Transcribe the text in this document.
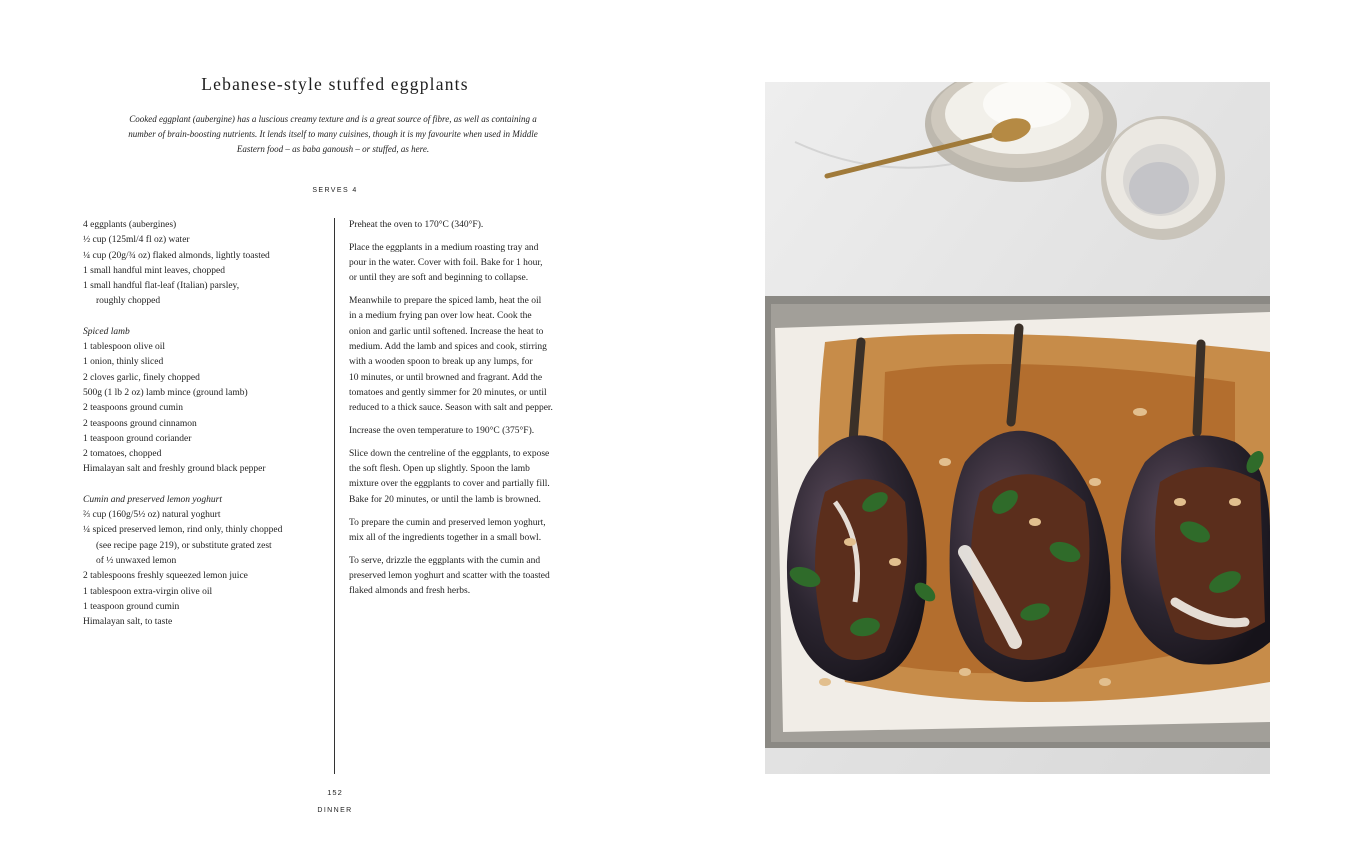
Lebanese-style stuffed eggplants

Cooked eggplant (aubergine) has a luscious creamy texture and is a great source of fibre, as well as containing a number of brain-boosting nutrients. It lends itself to many cuisines, though it is my favourite when used in Middle Eastern food – as baba ganoush – or stuffed, as here.

SERVES 4
4 eggplants (aubergines)
½ cup (125ml/4 fl oz) water
¼ cup (20g/¾ oz) flaked almonds, lightly toasted
1 small handful mint leaves, chopped
1 small handful flat-leaf (Italian) parsley,
roughly chopped
Spiced lamb
1 tablespoon olive oil
1 onion, thinly sliced
2 cloves garlic, finely chopped
500g (1 lb 2 oz) lamb mince (ground lamb)
2 teaspoons ground cumin
2 teaspoons ground cinnamon
1 teaspoon ground coriander
2 tomatoes, chopped
Himalayan salt and freshly ground black pepper
Cumin and preserved lemon yoghurt
⅔ cup (160g/5½ oz) natural yoghurt
¼ spiced preserved lemon, rind only, thinly chopped
(see recipe page 219), or substitute grated zest
of ½ unwaxed lemon
2 tablespoons freshly squeezed lemon juice
1 tablespoon extra-virgin olive oil
1 teaspoon ground cumin
Himalayan salt, to taste

Preheat the oven to 170°C (340°F).

Place the eggplants in a medium roasting tray and
pour in the water. Cover with foil. Bake for 1 hour,
or until they are soft and beginning to collapse.

Meanwhile to prepare the spiced lamb, heat the oil
in a medium frying pan over low heat. Cook the
onion and garlic until softened. Increase the heat to
medium. Add the lamb and spices and cook, stirring
with a wooden spoon to break up any lumps, for
10 minutes, or until browned and fragrant. Add the
tomatoes and gently simmer for 20 minutes, or until
reduced to a thick sauce. Season with salt and pepper.

Increase the oven temperature to 190°C (375°F).

Slice down the centreline of the eggplants, to expose
the soft flesh. Open up slightly. Spoon the lamb
mixture over the eggplants to cover and partially fill.
Bake for 20 minutes, or until the lamb is browned.

To prepare the cumin and preserved lemon yoghurt,
mix all of the ingredients together in a small bowl.

To serve, drizzle the eggplants with the cumin and
preserved lemon yoghurt and scatter with the toasted
flaked almonds and fresh herbs.

152
DINNER
